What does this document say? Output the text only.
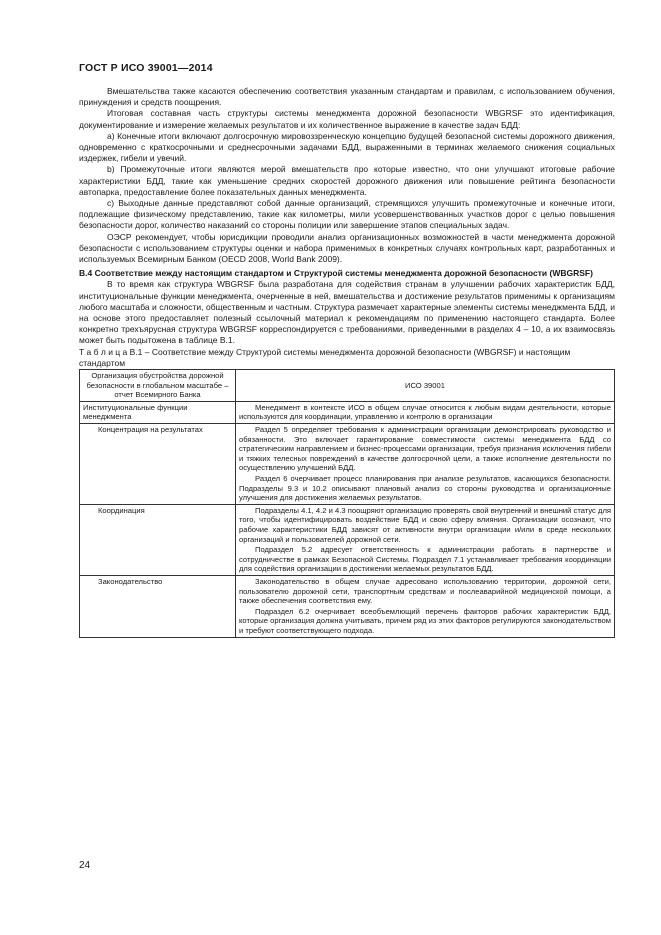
ГОСТ Р ИСО 39001—2014

Вмешательства также касаются обеспечению соответствия указанным стандартам и правилам, с использованием обучения, принуждения и средств поощрения.

Итоговая составная часть структуры системы менеджмента дорожной безопасности WBGRSF это идентификация, документирование и измерение желаемых результатов и их количественное выражение в качестве задач БДД:

а) Конечные итоги включают долгосрочную мировоззренческую концепцию будущей безопасной системы дорожного движения, одновременно с краткосрочными и среднесрочными задачами БДД, выраженными в терминах желаемого снижения социальных издержек, гибели и увечий.

b) Промежуточные итоги являются мерой вмешательств про которые известно, что они улучшают итоговые рабочие характеристики БДД, такие как уменьшение средних скоростей дорожного движения или повышение рейтинга безопасности автопарка, предоставление более показательных данных менеджмента.

с) Выходные данные представляют собой данные организаций, стремящихся улучшить промежуточные и конечные итоги, подлежащие физическому представлению, такие как километры, мили усовершенствованных участков дорог с целью повышения безопасности дорог, количество наказаний со стороны полиции или завершение этапов специальных задач.

ОЭСР рекомендует, чтобы юрисдикции проводили анализ организационных возможностей в части менеджмента дорожной безопасности с использованием структуры оценки и набора применимых в конкретных случаях контрольных карт, разработанных и используемых Всемирным Банком (OECD 2008, World Bank 2009).

В.4 Соответствие между настоящим стандартом и Структурой системы менеджмента дорожной безопасности (WBGRSF)

В то время как структура WBGRSF была разработана для содействия странам в улучшении рабочих характеристик БДД, институциональные функции менеджмента, очерченные в ней, вмешательства и достижение результатов применимы к организациям любого масштаба и сложности, общественным и частным. Структура размечает характерные элементы системы менеджмента БДД, и на основе этого предоставляет полезный ссылочный материал к рекомендациям по применению настоящего стандарта. Более конкретно трехъярусная структура WBGRSF корреспондируется с требованиями, приведенными в разделах 4 – 10, а их взаимосвязь может быть подытожена в таблице В.1.

Т а б л и ц а В.1 – Соответствие между Структурой системы менеджмента дорожной безопасности (WBGRSF) и настоящим стандартом

Организация обустройства дорожной безопасности в глобальном масштабе – отчет Всемирного Банка	ИСО 39001
Институциональные функции менеджмента	Менеджмент в контексте ИСО в общем случае относится к любым видам деятельности, которые используются для координации, управлению и контролю в организации

Концентрация на результатах	Раздел 5 определяет требования к администрации организации демонстрировать руководство и обязанности. Это включает гарантирование совместимости системы менеджмента БДД со стратегическим направлением и бизнес-процессами организации, требуя признания исключения гибели и тяжких телесных повреждений в качестве долгосрочной цели, а также исполнение деятельности по осуществлению улучшений БДД.

Раздел 6 очерчивает процесс планирования при анализе результатов, касающихся безопасности. Подразделы 9.3 и 10.2 описывают плановый анализ со стороны руководства и организационные улучшения для достижения желаемых результатов.

Координация	Подразделы 4.1, 4.2 и 4.3 поощряют организацию проверять свой внутренний и внешний статус для того, чтобы идентифицировать воздействие БДД и свою сферу влияния. Организации осознают, что рабочие характеристики БДД зависят от активности внутри организации и/или в среде нескольких организаций и пользователей дорожной сети.

Подраздел 5.2 адресует ответственность к администрации работать в партнерстве и сотрудничестве в рамках Безопасной Системы. Подраздел 7.1 устанавливает требования координации для содействия организации в достижении желаемых результатов БДД.

Законодательство	Законодательство в общем случае адресовано использованию территории, дорожной сети, пользователю дорожной сети, транспортным средствам и послеаварийной медицинской помощи, а также обеспечения соответствия ему.

Подраздел 6.2 очерчивает всеобъемлющий перечень факторов рабочих характеристик БДД, которые организация должна учитывать, причем ряд из этих факторов регулируются законодательством и требуют соответствующего подхода.

24
